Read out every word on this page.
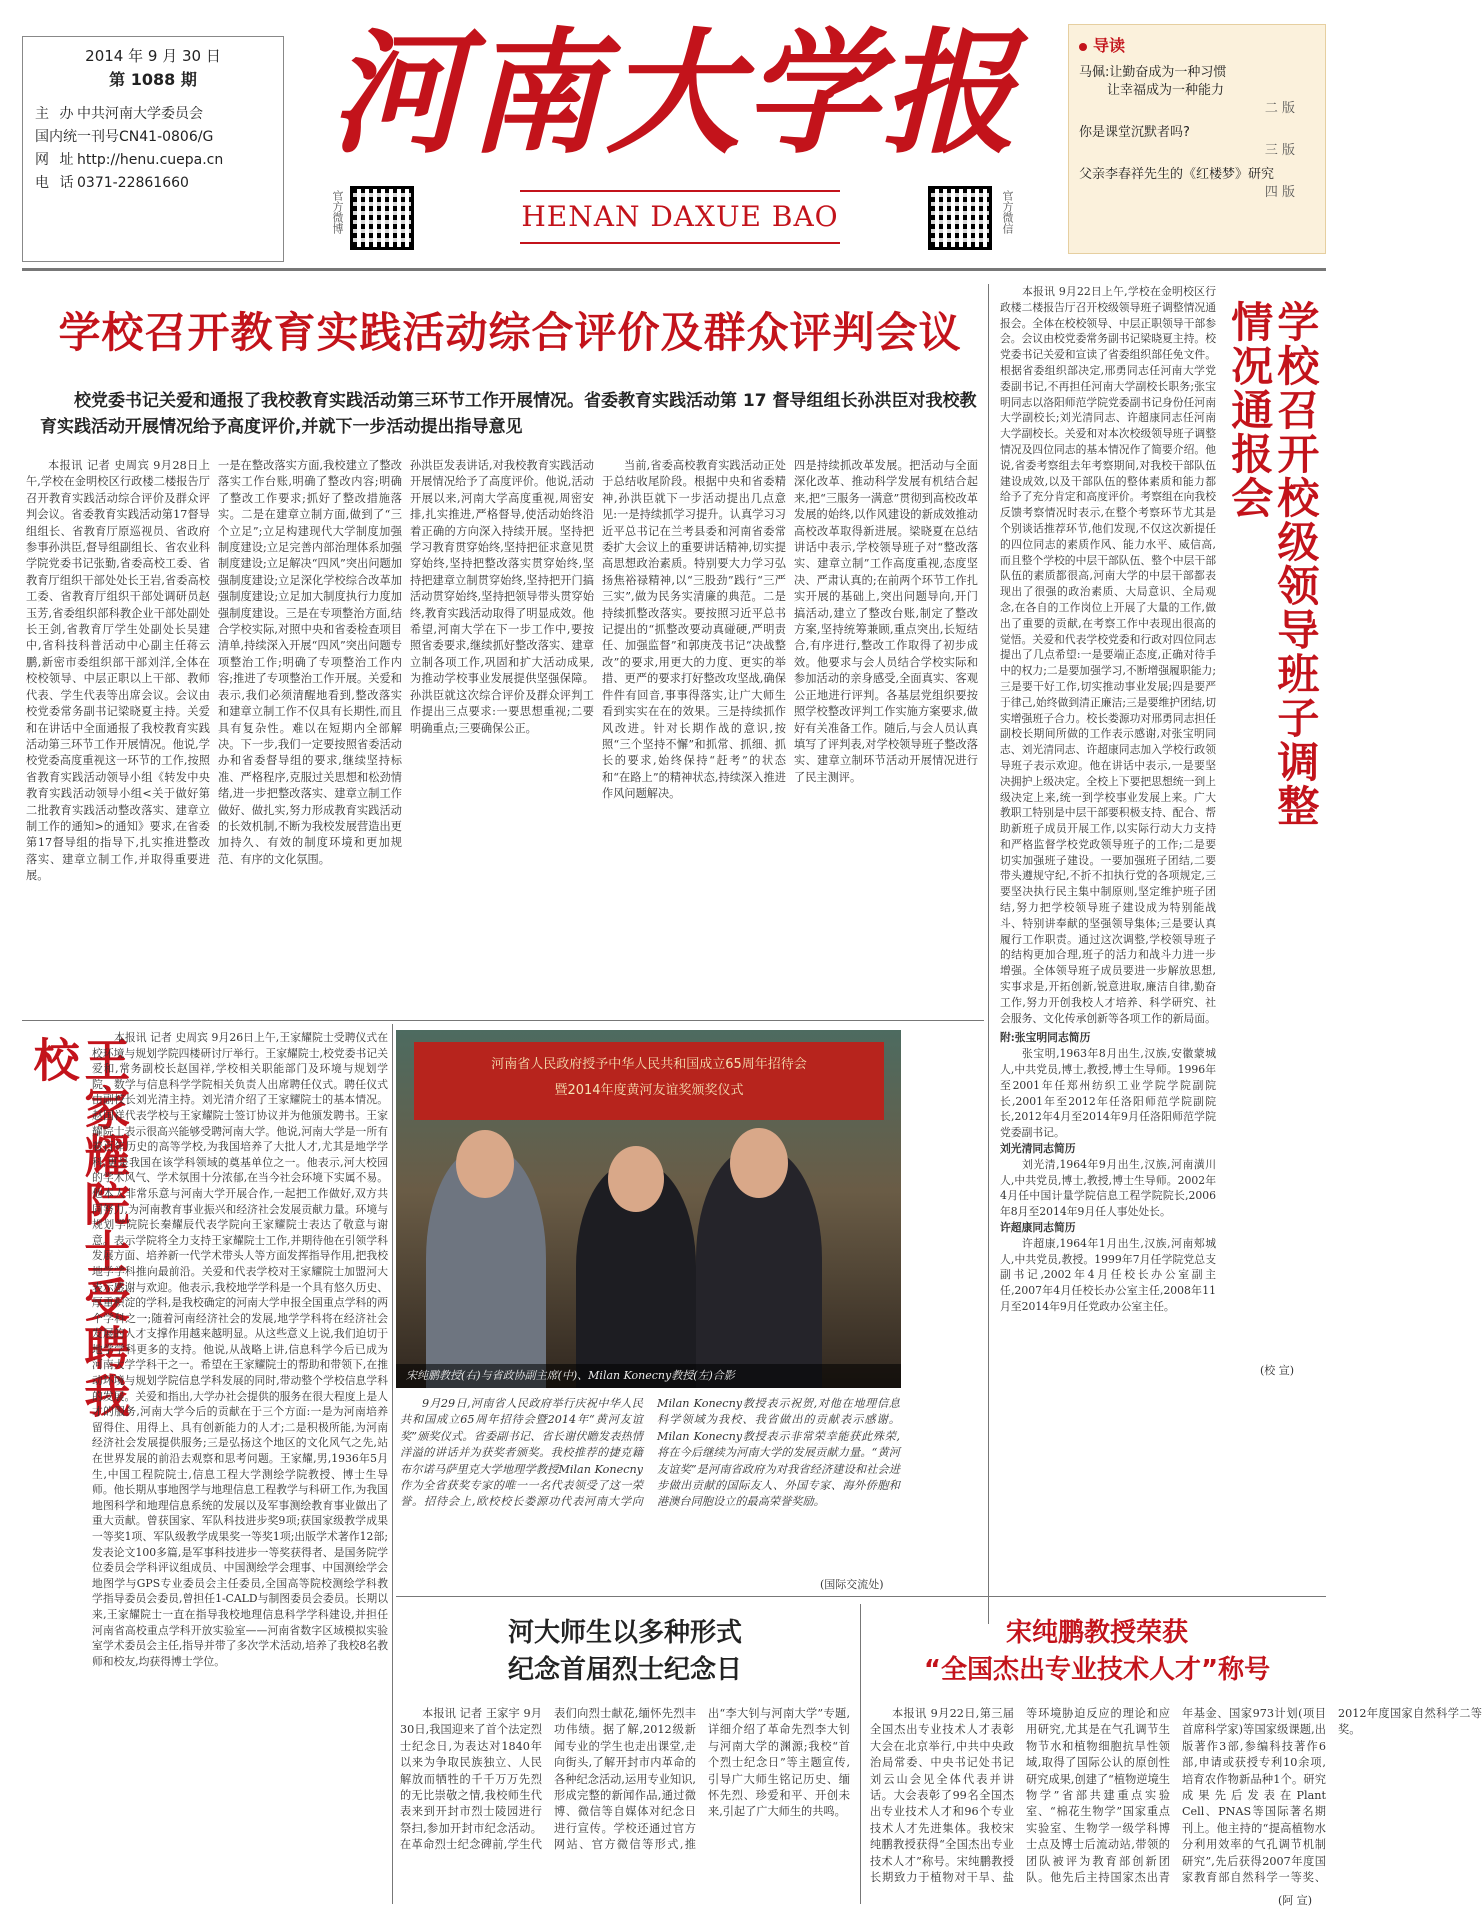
2014 年 9 月 30 日
第 1088 期
主 办中共河南大学委员会
国内统一刊号CN41-0806/G
网 址http://henu.cuepa.cn
电 话0371-22861660
河南大学报
HENAN DAXUE BAO
官方微博	官方微信
导读
马佩:让勤奋成为一种习惯
让幸福成为一种能力
二 版
你是课堂沉默者吗?
三 版
父亲李春祥先生的《红楼梦》研究
四 版
学校召开教育实践活动综合评价及群众评判会议
校党委书记关爱和通报了我校教育实践活动第三环节工作开展情况。省委教育实践活动第 17 督导组组长孙洪臣对我校教育实践活动开展情况给予高度评价,并就下一步活动提出指导意见
本报讯 记者 史周宾 9月28日上午,学校在金明校区行政楼二楼报告厅召开教育实践活动综合评价及群众评判会议。省委教育实践活动第17督导组组长、省教育厅原巡视员、省政府参事孙洪臣,督导组副组长、省农业科学院党委书记张勤,省委高校工委、省教育厅组织干部处处长王岩,省委高校工委、省教育厅组织干部处调研员赵玉芳,省委组织部科教企业干部处副处长王剑,省教育厅学生处副处长吴建中,省科技科普活动中心副主任蒋云鹏,新密市委组织部干部刘洋,全体在校校领导、中层正职以上干部、教师代表、学生代表等出席会议。会议由校党委常务副书记梁晓夏主持。关爱和在讲话中全面通报了我校教育实践活动第三环节工作开展情况。他说,学校党委高度重视这一环节的工作,按照省教育实践活动领导小组《转发中央教育实践活动领导小组<关于做好第二批教育实践活动整改落实、建章立制工作的通知>的通知》要求,在省委第17督导组的指导下,扎实推进整改落实、建章立制工作,并取得重要进展。
一是在整改落实方面,我校建立了整改落实工作台账,明确了整改内容;明确了整改工作要求;抓好了整改措施落实。二是在建章立制方面,做到了“三个立足”;立足构建现代大学制度加强制度建设;立足完善内部治理体系加强制度建设;立足解决“四风”突出问题加强制度建设;立足深化学校综合改革加强制度建设;立足加大制度执行力度加强制度建设。三是在专项整治方面,结合学校实际,对照中央和省委检查项目清单,持续深入开展“四风”突出问题专项整治工作;明确了专项整治工作内容;推进了专项整治工作开展。关爱和表示,我们必须清醒地看到,整改落实和建章立制工作不仅具有长期性,而且具有复杂性。难以在短期内全部解决。下一步,我们一定要按照省委活动办和省委督导组的要求,继续坚持标准、严格程序,克服过关思想和松劲情绪,进一步把整改落实、建章立制工作做好、做扎实,努力形成教育实践活动的长效机制,不断为我校发展营造出更加持久、有效的制度环境和更加规范、有序的文化氛围。
孙洪臣发表讲话,对我校教育实践活动开展情况给予了高度评价。他说,活动开展以来,河南大学高度重视,周密安排,扎实推进,严格督导,使活动始终沿着正确的方向深入持续开展。坚持把学习教育贯穿始终,坚持把征求意见贯穿始终,坚持把整改落实贯穿始终,坚持把建章立制贯穿始终,坚持把开门搞活动贯穿始终,坚持把领导带头贯穿始终,教育实践活动取得了明显成效。他希望,河南大学在下一步工作中,要按照省委要求,继续抓好整改落实、建章立制各项工作,巩固和扩大活动成果,为推动学校事业发展提供坚强保障。孙洪臣就这次综合评价及群众评判工作提出三点要求:一要思想重视;二要明确重点;三要确保公正。
当前,省委高校教育实践活动正处于总结收尾阶段。根据中央和省委精神,孙洪臣就下一步活动提出几点意见:一是持续抓学习提升。认真学习习近平总书记在兰考县委和河南省委常委扩大会议上的重要讲话精神,切实提高思想政治素质。特别要大力学习弘扬焦裕禄精神,以“三股劲”践行“三严三实”,做为民务实清廉的典范。二是持续抓整改落实。要按照习近平总书记提出的“抓整改要动真碰硬,严明责任、加强监督”和郭庚茂书记“决战整改”的要求,用更大的力度、更实的举措、更严的要求打好整改攻坚战,确保件件有回音,事事得落实,让广大师生看到实实在在的效果。三是持续抓作风改进。针对长期作战的意识,按照“三个坚持不懈”和抓常、抓细、抓长的要求,始终保持“赶考”的状态和“在路上”的精神状态,持续深入推进作风问题解决。
四是持续抓改革发展。把活动与全面深化改革、推动科学发展有机结合起来,把“三服务一满意”贯彻到高校改革发展的始终,以作风建设的新成效推动高校改革取得新进展。梁晓夏在总结讲话中表示,学校领导班子对“整改落实、建章立制”工作高度重视,态度坚决、严肃认真的;在前两个环节工作扎实开展的基础上,突出问题导向,开门搞活动,建立了整改台账,制定了整改方案,坚持统筹兼顾,重点突出,长短结合,有序进行,整改工作取得了初步成效。他要求与会人员结合学校实际和参加活动的亲身感受,全面真实、客观公正地进行评判。各基层党组织要按照学校整改评判工作实施方案要求,做好有关准备工作。随后,与会人员认真填写了评判表,对学校领导班子整改落实、建章立制环节活动开展情况进行了民主测评。	学校召开校级领导班子调整情况通报会
本报讯 9月22日上午,学校在金明校区行政楼二楼报告厅召开校级领导班子调整情况通报会。全体在校校领导、中层正职领导干部参会。会议由校党委常务副书记梁晓夏主持。校党委书记关爱和宣读了省委组织部任免文件。根据省委组织部决定,邢勇同志任河南大学党委副书记,不再担任河南大学副校长职务;张宝明同志以洛阳师范学院党委副书记身份任河南大学副校长;刘光清同志、许超康同志任河南大学副校长。关爱和对本次校级领导班子调整情况及四位同志的基本情况作了简要介绍。他说,省委考察组去年考察期间,对我校干部队伍建设成效,以及干部队伍的整体素质和能力都给予了充分肯定和高度评价。考察组在向我校反馈考察情况时表示,在整个考察环节尤其是个别谈话推荐环节,他们发现,不仅这次新提任的四位同志的素质作风、能力水平、威信高,而且整个学校的中层干部队伍、整个中层干部队伍的素质都很高,河南大学的中层干部都表现出了很强的政治素质、大局意识、全局观念,在各自的工作岗位上开展了大量的工作,做出了重要的贡献,在考察工作中表现出很高的觉悟。关爱和代表学校党委和行政对四位同志提出了几点希望:一是要端正态度,正确对待手中的权力;二是要加强学习,不断增强履职能力;三是要干好工作,切实推动事业发展;四是要严于律己,始终做到清正廉洁;三是要维护团结,切实增强班子合力。校长娄源功对邢勇同志担任副校长期间所做的工作表示感谢,对张宝明同志、刘光清同志、许超康同志加入学校行政领导班子表示欢迎。他在讲话中表示,一是要坚决拥护上级决定。全校上下要把思想统一到上级决定上来,统一到学校事业发展上来。广大教职工特别是中层干部要积极支持、配合、帮助新班子成员开展工作,以实际行动大力支持和严格监督学校党政领导班子的工作;二是要切实加强班子建设。一要加强班子团结,二要带头遵规守纪,不折不扣执行党的各项规定,三要坚决执行民主集中制原则,坚定维护班子团结,努力把学校领导班子建设成为特别能战斗、特别讲奉献的坚强领导集体;三是要认真履行工作职责。通过这次调整,学校领导班子的结构更加合理,班子的活力和战斗力进一步增强。全体领导班子成员要进一步解放思想,实事求是,开拓创新,锐意进取,廉洁自律,勤奋工作,努力开创我校人才培养、科学研究、社会服务、文化传承创新等各项工作的新局面。
附:张宝明同志简历
张宝明,1963年8月出生,汉族,安徽蒙城人,中共党员,博士,教授,博士生导师。1996年至2001年任郑州纺织工业学院学院副院长,2001年至2012年任洛阳师范学院副院长,2012年4月至2014年9月任洛阳师范学院党委副书记。
刘光清同志简历
刘光清,1964年9月出生,汉族,河南潢川人,中共党员,博士,教授,博士生导师。2002年4月任中国计量学院信息工程学院院长,2006年8月至2014年9月任人事处处长。
许超康同志简历
许超康,1964年1月出生,汉族,河南郏城人,中共党员,教授。1999年7月任学院党总支副书记,2002年4月任校长办公室副主任,2007年4月任校长办公室主任,2008年11月至2014年9月任党政办公室主任。
(校 宣)
王家耀院士受聘我校	本报讯 记者 史周宾 9月26日上午,王家耀院士受聘仪式在校环境与规划学院四楼研讨厅举行。王家耀院士,校党委书记关爱和,常务副校长赵国祥,学校相关职能部门及环境与规划学院、数学与信息科学学院相关负责人出席聘任仪式。聘任仪式由副校长刘光清主持。刘光清介绍了王家耀院士的基本情况。赵国祥代表学校与王家耀院士签订协议并为他颁发聘书。王家耀院士表示很高兴能够受聘河南大学。他说,河南大学是一所有着百年历史的高等学校,为我国培养了大批人才,尤其是地学学科,更是我国在该学科领域的奠基单位之一。他表示,河大校园的学术风气、学术氛围十分浓郁,在当今社会环境下实属不易。他本人非常乐意与河南大学开展合作,一起把工作做好,双方共同努力,为河南教育事业振兴和经济社会发展贡献力量。环境与规划学院院长秦耀辰代表学院向王家耀院士表达了敬意与谢意。表示学院将全力支持王家耀院士工作,并期待他在引领学科发展方面、培养新一代学术带头人等方面发挥指导作用,把我校地学学科推向最前沿。关爱和代表学校对王家耀院士加盟河大表示感谢与欢迎。他表示,我校地学学科是一个具有悠久历史、厚重积淀的学科,是我校确定的河南大学申报全国重点学科的两个学科之一;随着河南经济社会的发展,地学学科将在经济社会发展的人才支撑作用越来越明显。从这些意义上说,我们迫切于地学学科更多的支持。他说,从战略上讲,信息科学今后已成为河南大学学科干之一。希望在王家耀院士的帮助和带领下,在推动环境与规划学院信息学科发展的同时,带动整个学校信息学科的发展。关爱和指出,大学办社会提供的服务在很大程度上是人才的服务,河南大学今后的贡献在于三个方面:一是为河南培养留得住、用得上、具有创新能力的人才;二是积极所能,为河南经济社会发展提供服务;三是弘扬这个地区的文化风气之先,站在世界发展的前沿去观察和思考问题。王家耀,男,1936年5月生,中国工程院院士,信息工程大学测绘学院教授、博士生导师。他长期从事地图学与地理信息工程教学与科研工作,为我国地图科学和地理信息系统的发展以及军事测绘教育事业做出了重大贡献。曾获国家、军队科技进步奖9项;获国家级教学成果一等奖1项、军队级教学成果奖一等奖1项;出版学术著作12部;发表论文100多篇,是军事科技进步一等奖获得者、是国务院学位委员会学科评议组成员、中国测绘学会理事、中国测绘学会地图学与GPS专业委员会主任委员,全国高等院校测绘学科教学指导委员会委员,曾担任1-CALD与制图委员会委员。长期以来,王家耀院士一直在指导我校地理信息科学学科建设,并担任河南省高校重点学科开放实验室——河南省数字区域模拟实验室学术委员会主任,指导并带了多次学术活动,培养了我校8名教师和校友,均获得博士学位。
河南省人民政府授予中华人民共和国成立65周年招待会
暨2014年度黄河友谊奖颁奖仪式
宋纯鹏教授(右)与省政协副主席(中)、Milan Konecny教授(左)合影
9月29日,河南省人民政府举行庆祝中华人民共和国成立65周年招待会暨2014年“黄河友谊奖”颁奖仪式。省委副书记、省长谢伏瞻发表热情洋溢的讲话并为获奖者颁奖。我校推荐的捷克籍布尔诺马萨里克大学地理学教授Milan Konecny作为全省获奖专家的唯一一名代表领受了这一荣誉。招待会上,欧校校长娄源功代表河南大学向Milan Konecny教授表示祝贺,对他在地理信息科学领域为我校、我省做出的贡献表示感谢。Milan Konecny教授表示非常荣幸能获此殊荣,将在今后继续为河南大学的发展贡献力量。“黄河友谊奖”是河南省政府为对我省经济建设和社会进步做出贡献的国际友人、外国专家、海外侨胞和港澳台同胞设立的最高荣誉奖励。
(国际交流处)
河大师生以多种形式
纪念首届烈士纪念日
本报讯 记者 王家宇 9月30日,我国迎来了首个法定烈士纪念日,为表达对1840年以来为争取民族独立、人民解放而牺牲的千千万万先烈的无比崇敬之情,我校师生代表来到开封市烈士陵园进行祭扫,参加开封市纪念活动。在革命烈士纪念碑前,学生代表们向烈士献花,缅怀先烈丰功伟绩。据了解,2012级新闻专业的学生也走出课堂,走向街头,了解开封市内革命的各种纪念活动,运用专业知识,形成完整的新闻作品,通过微博、微信等自媒体对纪念日进行宣传。学校还通过官方网站、官方微信等形式,推出“李大钊与河南大学”专题,详细介绍了革命先烈李大钊与河南大学的渊源;我校“首个烈士纪念日”等主题宣传,引导广大师生铭记历史、缅怀先烈、珍爱和平、开创未来,引起了广大师生的共鸣。
宋纯鹏教授荣获
“全国杰出专业技术人才”称号
本报讯 9月22日,第三届全国杰出专业技术人才表彰大会在北京举行,中共中央政治局常委、中央书记处书记刘云山会见全体代表并讲话。大会表彰了99名全国杰出专业技术人才和96个专业技术人才先进集体。我校宋纯鹏教授获得“全国杰出专业技术人才”称号。宋纯鹏教授长期致力于植物对干旱、盐等环境胁迫反应的理论和应用研究,尤其是在气孔调节生物节水和植物细胞抗旱性领域,取得了国际公认的原创性研究成果,创建了“植物逆境生物学”省部共建重点实验室、“棉花生物学”国家重点实验室、生物学一级学科博士点及博士后流动站,带领的团队被评为教育部创新团队。他先后主持国家杰出青年基金、国家973计划(项目首席科学家)等国家级课题,出版著作3部,参编科技著作6部,申请或获授专利10余项,培育农作物新品种1个。研究成果先后发表在Plant Cell、PNAS等国际著名期刊上。他主持的“提高植物水分利用效率的气孔调节机制研究”,先后获得2007年度国家教育部自然科学一等奖、2012年度国家自然科学二等奖。
(阿 宣)
